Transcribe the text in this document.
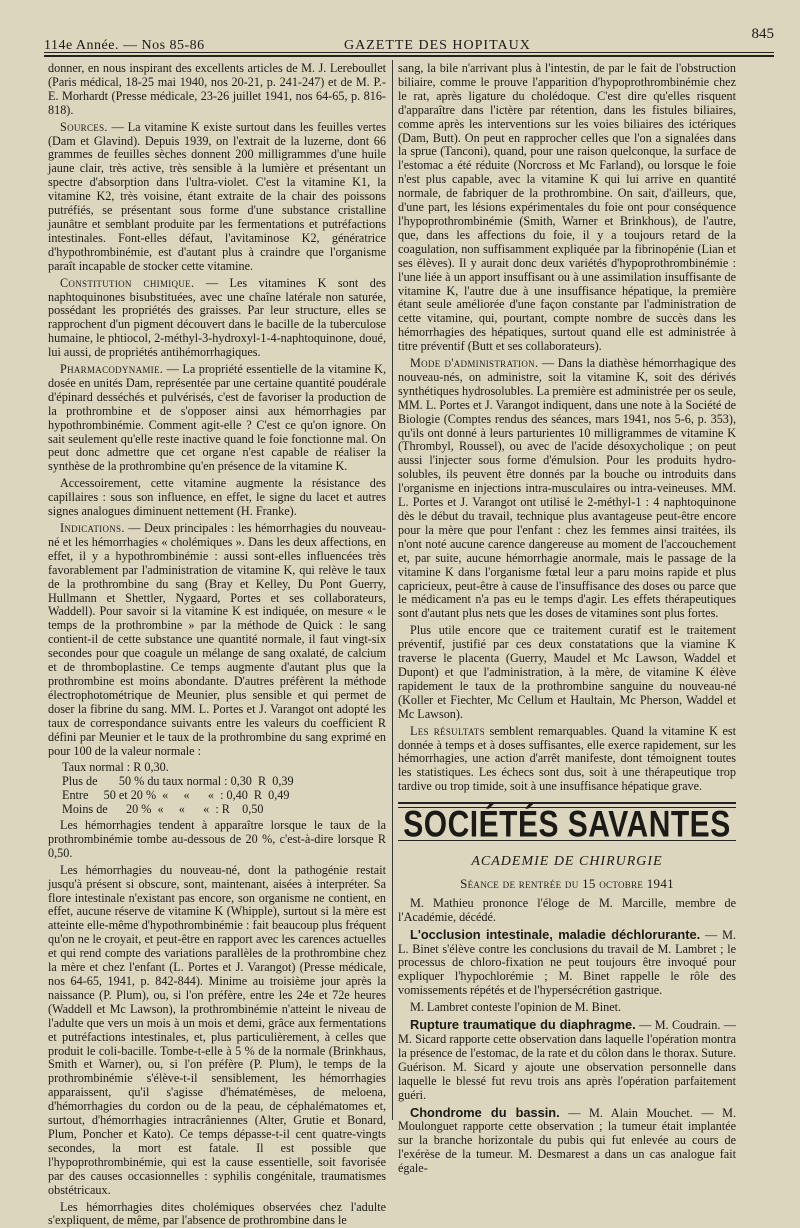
114e Année. — Nos 85-86	GAZETTE DES HOPITAUX
845

donner, en nous inspirant des excellents articles de M. J. Lereboullet (Paris médical, 18-25 mai 1940, nos 20-21, p. 241-247) et de M. P.-E. Morhardt (Presse médicale, 23-26 juillet 1941, nos 64-65, p. 816-818).

Sources. — La vitamine K existe surtout dans les feuilles vertes (Dam et Glavind). Depuis 1939, on l'extrait de la luzerne, dont 66 grammes de feuilles sèches donnent 200 milligrammes d'une huile jaune clair, très active, très sensible à la lumière et présentant un spectre d'absorption dans l'ultra-violet. C'est la vitamine K1, la vitamine K2, très voisine, étant extraite de la chair des poissons putréfiés, se présentant sous forme d'une substance cristalline jaunâtre et semblant produite par les fermentations et putréfactions intestinales. Font-elles défaut, l'avitaminose K2, génératrice d'hypothrombinémie, est d'autant plus à craindre que l'organisme paraît incapable de stocker cette vitamine.

Constitution chimique. — Les vitamines K sont des naphtoquinones bisubstituées, avec une chaîne latérale non saturée, possédant les propriétés des graisses. Par leur structure, elles se rapprochent d'un pigment découvert dans le bacille de la tuberculose humaine, le phtiocol, 2-méthyl-3-hydroxyl-1-4-naphtoquinone, doué, lui aussi, de propriétés antihémorrhagiques.

Pharmacodynamie. — La propriété essentielle de la vitamine K, dosée en unités Dam, représentée par une certaine quantité poudérale d'épinard desséchés et pulvérisés, c'est de favoriser la production de la prothrombine et de s'opposer ainsi aux hémorrhagies par hypothrombinémie. Comment agit-elle ? C'est ce qu'on ignore. On sait seulement qu'elle reste inactive quand le foie fonctionne mal. On peut donc admettre que cet organe n'est capable de réaliser la synthèse de la prothrombine qu'en présence de la vitamine K.

Accessoirement, cette vitamine augmente la résistance des capillaires : sous son influence, en effet, le signe du lacet et autres signes analogues diminuent nettement (H. Franke).

Indications. — Deux principales : les hémorrhagies du nouveau-né et les hémorrhagies « cholémiques ». Dans les deux affections, en effet, il y a hypothrombinémie : aussi sont-elles influencées très favorablement par l'administration de vitamine K, qui relève le taux de la prothrombine du sang (Bray et Kelley, Du Pont Guerry, Hullmann et Shettler, Nygaard, Portes et ses collaborateurs, Waddell). Pour savoir si la vitamine K est indiquée, on mesure « le temps de la prothrombine » par la méthode de Quick : le sang contient-il de cette substance une quantité normale, il faut vingt-six secondes pour que coagule un mélange de sang oxalaté, de calcium et de thromboplastine. Ce temps augmente d'autant plus que la prothrombine est moins abondante. D'autres préfèrent la méthode électrophotométrique de Meunier, plus sensible et qui permet de doser la fibrine du sang. MM. L. Portes et J. Varangot ont adopté les taux de correspondance suivants entre les valeurs du coefficient R défini par Meunier et le taux de la prothrombine du sang exprimé en pour 100 de la valeur normale :

Taux normal : R 0,30.
Plus de       50 % du taux normal : 0,30  R  0,39
Entre     50 et 20 %  «     «      «  : 0,40  R  0,49
Moins de      20 %  «     «      «  : R    0,50

Les hémorrhagies tendent à apparaître lorsque le taux de la prothrombinémie tombe au-dessous de 20 %, c'est-à-dire lorsque R 0,50.

Les hémorrhagies du nouveau-né, dont la pathogénie restait jusqu'à présent si obscure, sont, maintenant, aisées à interpréter. Sa flore intestinale n'existant pas encore, son organisme ne contient, en effet, aucune réserve de vitamine K (Whipple), surtout si la mère est atteinte elle-même d'hypothrombinémie : fait beaucoup plus fréquent qu'on ne le croyait, et peut-être en rapport avec les carences actuelles et qui rend compte des variations parallèles de la prothrombine chez la mère et chez l'enfant (L. Portes et J. Varangot) (Presse médicale, nos 64-65, 1941, p. 842-844). Minime au troisième jour après la naissance (P. Plum), ou, si l'on préfère, entre les 24e et 72e heures (Waddell et Mc Lawson), la prothrombinémie n'atteint le niveau de l'adulte que vers un mois à un mois et demi, grâce aux fermentations et putréfactions intestinales, et, plus particulièrement, à celles que produit le coli-bacille. Tombe-t-elle à 5 % de la normale (Brinkhaus, Smith et Warner), ou, si l'on préfère (P. Plum), le temps de la prothrombinémie s'élève-t-il sensiblement, les hémorrhagies apparaissent, qu'il s'agisse d'hématémèses, de meloena, d'hémorrhagies du cordon ou de la peau, de céphalématomes et, surtout, d'hémorrhagies intracrâniennes (Alter, Grutie et Bonard, Plum, Poncher et Kato). Ce temps dépasse-t-il cent quatre-vingts secondes, la mort est fatale. Il est possible que l'hypoprothrombinémie, qui est la cause essentielle, soit favorisée par des causes occasionnelles : syphilis congénitale, traumatismes obstétricaux.

Les hémorrhagies dites cholémiques observées chez l'adulte s'expliquent, de même, par l'absence de prothrombine dans le

sang, la bile n'arrivant plus à l'intestin, de par le fait de l'obstruction biliaire, comme le prouve l'apparition d'hypoprothrombinémie chez le rat, après ligature du cholédoque. C'est dire qu'elles risquent d'apparaître dans l'ictère par rétention, dans les fistules biliaires, comme après les interventions sur les voies biliaires des ictériques (Dam, Butt). On peut en rapprocher celles que l'on a signalées dans la sprue (Tanconi), quand, pour une raison quelconque, la surface de l'estomac a été réduite (Norcross et Mc Farland), ou lorsque le foie n'est plus capable, avec la vitamine K qui lui arrive en quantité normale, de fabriquer de la prothrombine. On sait, d'ailleurs, que, d'une part, les lésions expérimentales du foie ont pour conséquence l'hypoprothrombinémie (Smith, Warner et Brinkhous), de l'autre, que, dans les affections du foie, il y a toujours retard de la coagulation, non suffisamment expliquée par la fibrinopénie (Lian et ses élèves). Il y aurait donc deux variétés d'hypoprothrombinémie : l'une liée à un apport insuffisant ou à une assimilation insuffisante de vitamine K, l'autre due à une insuffisance hépatique, la première étant seule améliorée d'une façon constante par l'administration de cette vitamine, qui, pourtant, compte nombre de succès dans les hémorrhagies des hépatiques, surtout quand elle est administrée à titre préventif (Butt et ses collaborateurs).

Mode d'administration. — Dans la diathèse hémorrhagique des nouveau-nés, on administre, soit la vitamine K, soit des dérivés synthétiques hydrosolubles. La première est administrée per os seule, MM. L. Portes et J. Varangot indiquent, dans une note à la Société de Biologie (Comptes rendus des séances, mars 1941, nos 5-6, p. 353), qu'ils ont donné à leurs parturientes 10 milligrammes de vitamine K (Thrombyl, Roussel), ou avec de l'acide désoxycholique ; on peut aussi l'injecter sous forme d'émulsion. Pour les produits hydro-solubles, ils peuvent être donnés par la bouche ou introduits dans l'organisme en injections intra-musculaires ou intra-veineuses. MM. L. Portes et J. Varangot ont utilisé le 2-méthyl-1 : 4 naphtoquinone dès le début du travail, technique plus avantageuse peut-être encore pour la mère que pour l'enfant : chez les femmes ainsi traitées, ils n'ont noté aucune carence dangereuse au moment de l'accouchement et, par suite, aucune hémorrhagie anormale, mais le passage de la vitamine K dans l'organisme fœtal leur a paru moins rapide et plus capricieux, peut-être à cause de l'insuffisance des doses ou parce que le médicament n'a pas eu le temps d'agir. Les effets thérapeutiques sont d'autant plus nets que les doses de vitamines sont plus fortes.

Plus utile encore que ce traitement curatif est le traitement préventif, justifié par ces deux constatations que la viamine K traverse le placenta (Guerry, Maudel et Mc Lawson, Waddel et Dupont) et que l'administration, à la mère, de vitamine K élève rapidement le taux de la prothrombine sanguine du nouveau-né (Koller et Fiechter, Mc Cellum et Haultain, Mc Pherson, Waddel et Mc Lawson).

Les résultats semblent remarquables. Quand la vitamine K est donnée à temps et à doses suffisantes, elle exerce rapidement, sur les hémorrhagies, une action d'arrêt manifeste, dont témoignent toutes les statistiques. Les échecs sont dus, soit à une thérapeutique trop tardive ou trop timide, soit à une insuffisance hépatique grave.

SOCIÉTÉS SAVANTES
ACADEMIE DE CHIRURGIE
Séance de rentrée du 15 octobre 1941

M. Mathieu prononce l'éloge de M. Marcille, membre de l'Académie, décédé.

L'occlusion intestinale, maladie déchlorurante. — M. L. Binet s'élève contre les conclusions du travail de M. Lambret ; le processus de chloro-fixation ne peut toujours être invoqué pour expliquer l'hypochlorémie ; M. Binet rappelle le rôle des vomissements répétés et de l'hypersécrétion gastrique.

M. Lambret conteste l'opinion de M. Binet.

Rupture traumatique du diaphragme. — M. Coudrain. — M. Sicard rapporte cette observation dans laquelle l'opération montra la présence de l'estomac, de la rate et du côlon dans le thorax. Suture. Guérison. M. Sicard y ajoute une observation personnelle dans laquelle le blessé fut revu trois ans après l'opération parfaitement guéri.

Chondrome du bassin. — M. Alain Mouchet. — M. Moulonguet rapporte cette observation ; la tumeur était implantée sur la branche horizontale du pubis qui fut enlevée au cours de l'exérèse de la tumeur. M. Desmarest a dans un cas analogue fait égale-
